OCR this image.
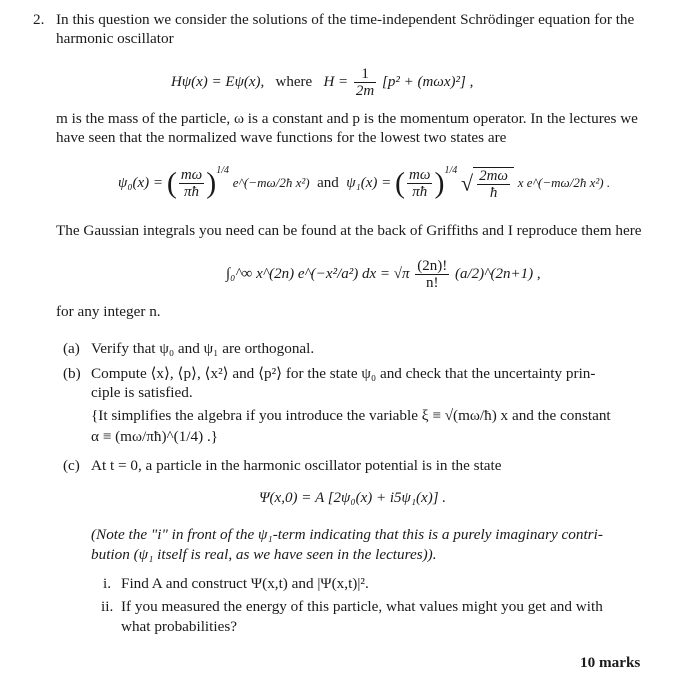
2. In this question we consider the solutions of the time-independent Schrödinger equation for the harmonic oscillator
Hψ(x) = Eψ(x), where $H = \frac{1}{2m} [p^2 + (m\omega x)^2]$ ,
m is the mass of the particle, ω is a constant and p is the momentum operator. In the lectures we have seen that the normalized wave functions for the lowest two states are
ψ₀(x) = ( $\frac{m\omega}{\pi ħ} )^{1/4}$ e^(−mω/2ħ x²) and ψ₁(x) = ( $\frac{m\omega}{\pi ħ} )^{1/4}$ √ $\frac{2m\omega}{ħ}$ x e^(−mω/2ħ x²) .
The Gaussian integrals you need can be found at the back of Griffiths and I reproduce them here
∫₀^∞ x^(2n) e^(−x²/a²) dx = $√\pi \frac{(2n)!}{n!}$ (a/2)^(2n+1) ,
for any integer n.
(a) Verify that ψ₀ and ψ₁ are orthogonal.
(b) Compute ⟨x⟩, ⟨p⟩, ⟨x²⟩ and ⟨p²⟩ for the state ψ₀ and check that the uncertainty prin-
ciple is satisfied.
{It simplifies the algebra if you introduce the variable ξ ≡ √(mω/ħ) x and the constant
α ≡ (mω/πħ)^(1/4) .}
(c) At t = 0, a particle in the harmonic oscillator potential is in the state
Ψ(x,0) = A [2ψ₀(x) + i5ψ₁(x)] .
(Note the "i" in front of the ψ₁-term indicating that this is a purely imaginary contri-
bution (ψ₁ itself is real, as we have seen in the lectures)).
i. Find A and construct Ψ(x,t) and |Ψ(x,t)|².
ii. If you measured the energy of this particle, what values might you get and with
what probabilities?
10 marks
